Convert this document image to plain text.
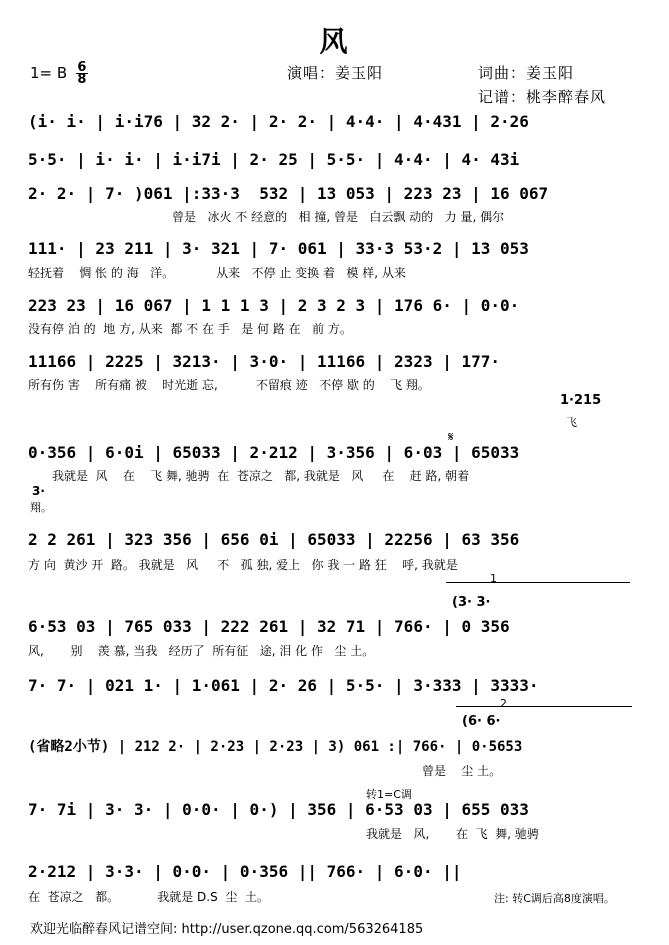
风
1= B $\frac{6}{8}$	演唱：姜玉阳	词曲：姜玉阳
记谱：桃李醉春风
(i· i· | i·i76 | 32 2· | 2· 2· | 4·4· | 4·431 | 2·26
5·5· | i· i· | i·i7i | 2· 25 | 5·5· | 4·4· | 4· 43i
2· 2· | 7· )061 |:33·3  532 | 13 053 | 223 23 | 16 067
曾是   冰火 不 经意的   相 撞, 曾是   白云飘 动的   力 量, 偶尔
111· | 23 211 | 3· 321 | 7· 061 | 33·3 53·2 | 13 053
轻抚着    惆 怅 的 海   洋。           从来   不停 止 变换 着   模 样, 从来
223 23 | 16 067 | 1 1 1 3 | 2 3 2 3 | 176 6· | 0·0·
没有停 泊 的  地 方, 从来  都 不 在 手   是 何 路 在   前 方。
11166 | 2225 | 3213· | 3·0· | 11166 | 2323 | 177·
所有伤 害    所有痛 被    时光逝 忘,          不留痕 迹   不停 歇 的    飞 翔。
1·215
飞
0·356 | 6·0i | 65033 | 2·212 | 3·356 | 6·03 | 65033
𝄋
我就是  风    在    飞 舞, 驰骋  在  苍凉之   都, 我就是   风     在    赶 路, 朝着
3·
翔。
2 2 261 | 323 356 | 656 0i | 65033 | 22256 | 63 356
方 向  黄沙 开  路。 我就是   风     不   孤 独, 爱上   你 我 一 路 狂    呼, 我就是
1
(3· 3·
6·53 03 | 765 033 | 222 261 | 32 71 | 766· | 0 356
风,       别    羡 慕, 当我   经历了  所有征   途, 泪 化 作   尘 土。
7· 7· | 021 1· | 1·061 | 2· 26 | 5·5· | 3·333 | 3333·
2
(6· 6·
(省略2小节) | 212 2· | 2·23 | 2·23 | 3) 061 :| 766· | 0·5653
曾是    尘 土。
转1=C调
7· 7i | 3· 3· | 0·0· | 0·) | 356 | 6·53 03 | 655 033
我就是   风,       在  飞  舞, 驰骋
2·212 | 3·3· | 0·0· | 0·356 || 766· | 6·0· ||
在  苍凉之   都。          我就是 D.S  尘  土。	注: 转C调后高8度演唱。
欢迎光临醉春风记谱空间: http://user.qzone.qq.com/563264185
